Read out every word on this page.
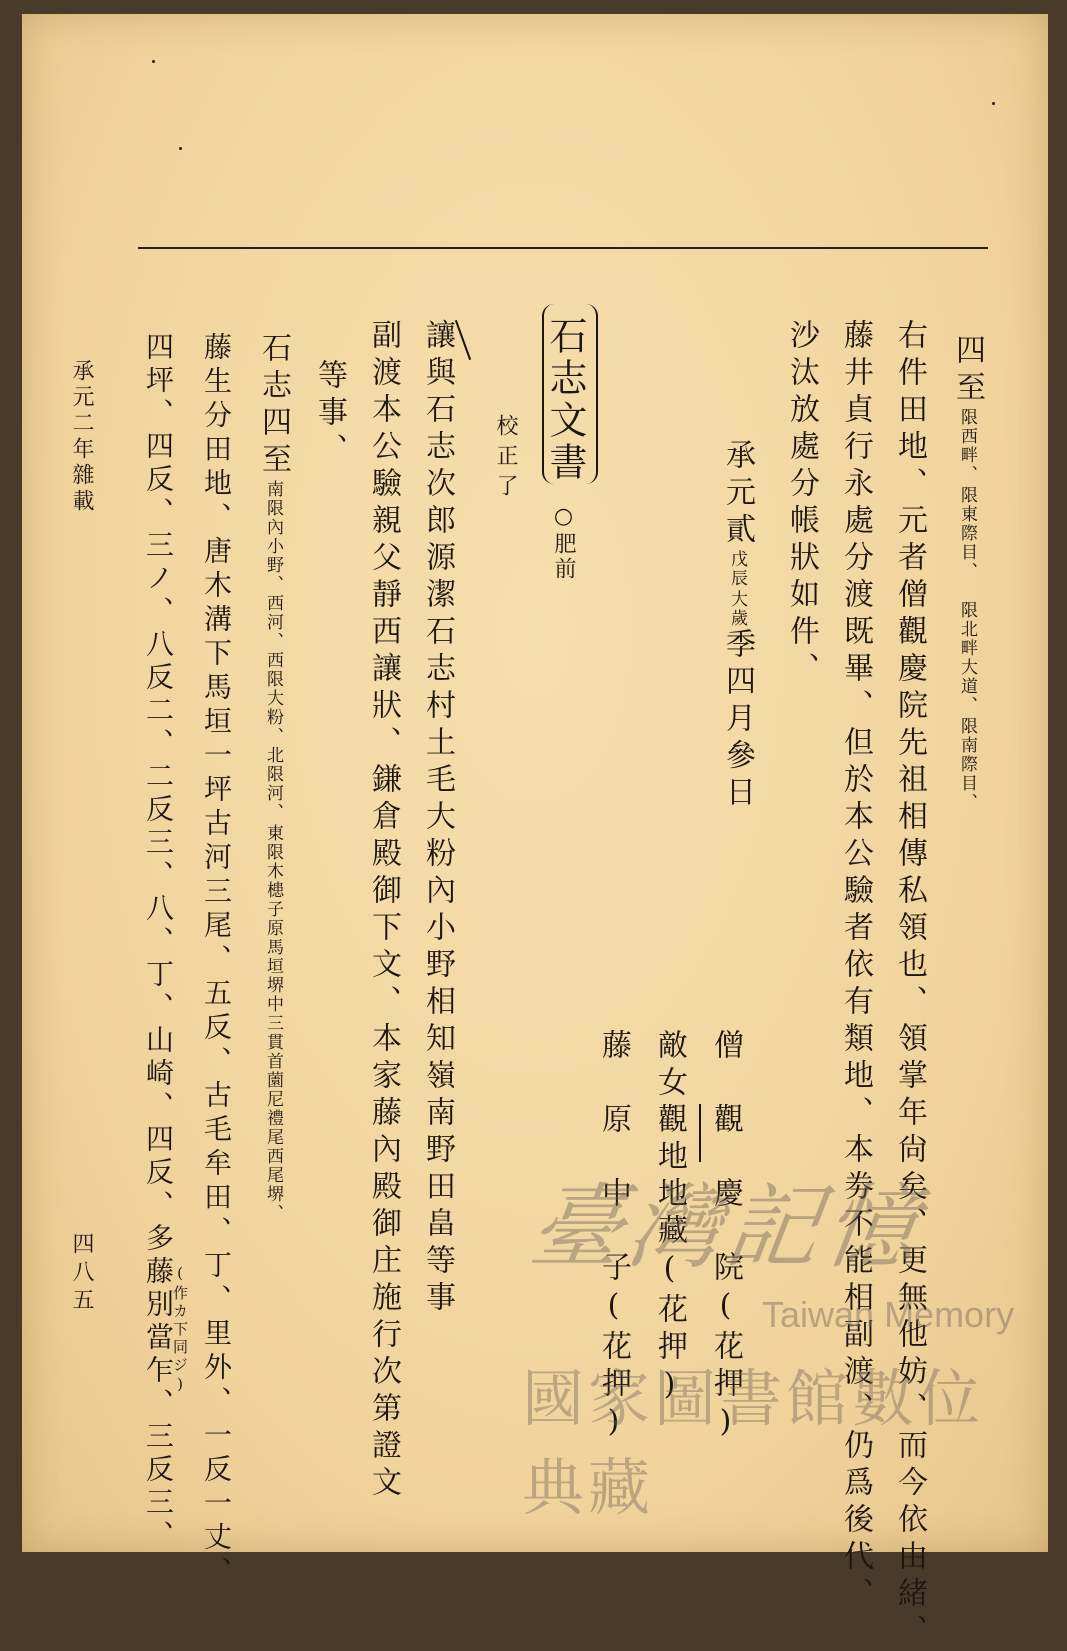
四至
限東際目、
限西畔、
限南際目、
限北畔大道、
右件田地、元者僧觀慶院先祖相傳私領也、領掌年尙矣、更無他妨、而今依由緒、
藤井貞行永處分渡既畢、但於本公驗者依有類地、本劵不能相副渡、仍爲後代、
沙汰放處分帳狀如件、
承元貳
大歲
戊辰
季四月參日
僧　觀　慶　院(花押)
敵女觀地地藏(花押)
藤　原　中　子(花押)
石志文書
○肥前
校正了
讓與石志次郎源潔石志村土毛大粉內小野相知嶺南野田畠等事
副渡本公驗親父靜西讓狀、鎌倉殿御下文、本家藤內殿御庄施行次第證文
等事、
石志四至
東限木槵子原馬垣堺中三貫首薗尼禮尾西尾堺、
南限內小野、西河、西限大粉、北限河、
藤生分田地、唐木溝下馬垣一坪古河三尾、五反、古毛牟田、丁、里外、一反一丈、
(作カ下同ジ)
四坪、四反、三ノ、八反二、二反三、八、丁、山崎、四反、多藤別當乍、三反三、
承元二年雜載
四八五	臺灣記憶
Taiwan Memory
國家圖書館數位典藏
